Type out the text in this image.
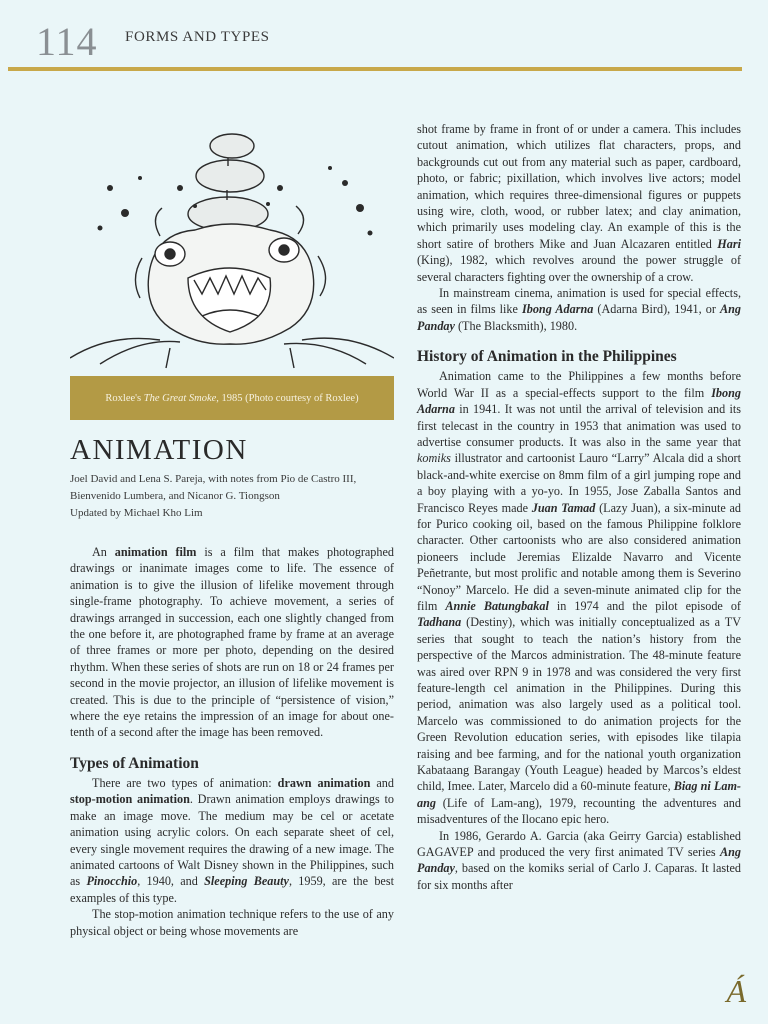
114 FORMS AND TYPES
Roxlee's
The Great Smoke , 1985 (Photo courtesy of Roxlee)
ANIMATION
Joel David and Lena S. Pareja, with notes from Pio de Castro III,
Bienvenido Lumbera, and Nicanor G. Tiongson
Updated by Michael Kho Lim

An animation film is a film that makes photographed drawings or inanimate images come to life. The essence of animation is to give the illusion of lifelike movement through single-frame photography. To achieve movement, a series of drawings arranged in succession, each one slightly changed from the one before it, are photographed frame by frame at an average of three frames or more per photo, depending on the desired rhythm. When these series of shots are run on 18 or 24 frames per second in the movie projector, an illusion of lifelike movement is created. This is due to the principle of “persistence of vision,” where the eye retains the impression of an image for about one-tenth of a second after the image has been removed.

Types of Animation

There are two types of animation: drawn animation and stop-motion animation. Drawn animation employs drawings to make an image move. The medium may be cel or acetate animation using acrylic colors. On each separate sheet of cel, every single movement requires the drawing of a new image. The animated cartoons of Walt Disney shown in the Philippines, such as Pinocchio, 1940, and Sleeping Beauty, 1959, are the best examples of this type.

The stop-motion animation technique refers to the use of any physical object or being whose movements are

shot frame by frame in front of or under a camera. This includes cutout animation, which utilizes flat characters, props, and backgrounds cut out from any material such as paper, cardboard, photo, or fabric; pixillation, which involves live actors; model animation, which requires three-dimensional figures or puppets using wire, cloth, wood, or rubber latex; and clay animation, which primarily uses modeling clay. An example of this is the short satire of brothers Mike and Juan Alcazaren entitled Hari (King), 1982, which revolves around the power struggle of several characters fighting over the ownership of a crow.

In mainstream cinema, animation is used for special effects, as seen in films like Ibong Adarna (Adarna Bird), 1941, or Ang Panday (The Blacksmith), 1980.

History of Animation in the Philippines

Animation came to the Philippines a few months before World War II as a special-effects support to the film Ibong Adarna in 1941. It was not until the arrival of television and its first telecast in the country in 1953 that animation was used to advertise consumer products. It was also in the same year that komiks illustrator and cartoonist Lauro “Larry” Alcala did a short black-and-white exercise on 8mm film of a girl jumping rope and a boy playing with a yo-yo. In 1955, Jose Zaballa Santos and Francisco Reyes made Juan Tamad (Lazy Juan), a six-minute ad for Purico cooking oil, based on the famous Philippine folklore character. Other cartoonists who are also considered animation pioneers include Jeremias Elizalde Navarro and Vicente Peñetrante, but most prolific and notable among them is Severino “Nonoy” Marcelo. He did a seven-minute animated clip for the film Annie Batungbakal in 1974 and the pilot episode of Tadhana (Destiny), which was initially conceptualized as a TV series that sought to teach the nation’s history from the perspective of the Marcos administration. The 48-minute feature was aired over RPN 9 in 1978 and was considered the very first feature-length cel animation in the Philippines. During this period, animation was also largely used as a political tool. Marcelo was commissioned to do animation projects for the Green Revolution education series, with episodes like tilapia raising and bee farming, and for the national youth organization Kabataang Barangay (Youth League) headed by Marcos’s eldest child, Imee. Later, Marcelo did a 60-minute feature, Biag ni Lam-ang (Life of Lam-ang), 1979, recounting the adventures and misadventures of the Ilocano epic hero.

In 1986, Gerardo A. Garcia (aka Geirry Garcia) established GAGAVEP and produced the very first animated TV series Ang Panday, based on the komiks serial of Carlo J. Caparas. It lasted for six months after

Á
